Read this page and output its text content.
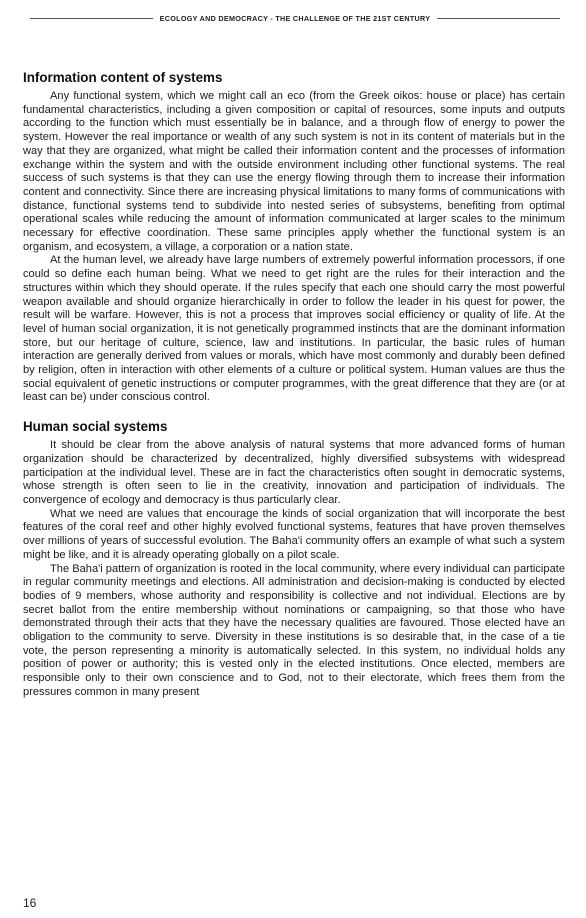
ECOLOGY AND DEMOCRACY - THE CHALLENGE OF THE 21ST CENTURY
Information content of systems

Any functional system, which we might call an eco (from the Greek oikos: house or place) has certain fundamental characteristics, including a given composition or capital of resources, some inputs and outputs according to the function which must essentially be in balance, and a through flow of energy to power the system. However the real importance or wealth of any such system is not in its content of materials but in the way that they are organized, what might be called their information content and the processes of information exchange within the system and with the outside environment including other functional systems. The real success of such systems is that they can use the energy flowing through them to increase their information content and connectivity. Since there are increasing physical limitations to many forms of communications with distance, functional systems tend to subdivide into nested series of subsystems, benefiting from optimal operational scales while reducing the amount of information communicated at larger scales to the minimum necessary for effective coordination. These same principles apply whether the functional system is an organism, and ecosystem, a village, a corporation or a nation state.

At the human level, we already have large numbers of extremely powerful information processors, if one could so define each human being. What we need to get right are the rules for their interaction and the structures within which they should operate. If the rules specify that each one should carry the most powerful weapon available and should organize hierarchically in order to follow the leader in his quest for power, the result will be warfare. However, this is not a process that improves social efficiency or quality of life. At the level of human social organization, it is not genetically programmed instincts that are the dominant information store, but our heritage of culture, science, law and institutions. In particular, the basic rules of human interaction are generally derived from values or morals, which have most commonly and durably been defined by religion, often in interaction with other elements of a culture or political system. Human values are thus the social equivalent of genetic instructions or computer programmes, with the great difference that they are (or at least can be) under conscious control.

Human social systems

It should be clear from the above analysis of natural systems that more advanced forms of human organization should be characterized by decentralized, highly diversified subsystems with widespread participation at the individual level. These are in fact the characteristics often sought in democratic systems, whose strength is often seen to lie in the creativity, innovation and participation of individuals. The convergence of ecology and democracy is thus particularly clear.

What we need are values that encourage the kinds of social organization that will incorporate the best features of the coral reef and other highly evolved functional systems, features that have proven themselves over millions of years of successful evolution. The Baha'i community offers an example of what such a system might be like, and it is already operating globally on a pilot scale.

The Baha'i pattern of organization is rooted in the local community, where every individual can participate in regular community meetings and elections. All administration and decision-making is conducted by elected bodies of 9 members, whose authority and responsibility is collective and not individual. Elections are by secret ballot from the entire membership without nominations or campaigning, so that those who have demonstrated through their acts that they have the necessary qualities are favoured. Those elected have an obligation to the community to serve. Diversity in these institutions is so desirable that, in the case of a tie vote, the person representing a minority is automatically selected. In this system, no individual holds any position of power or authority; this is vested only in the elected institutions. Once elected, members are responsible only to their own conscience and to God, not to their electorate, which frees them from the pressures common in many present

16
